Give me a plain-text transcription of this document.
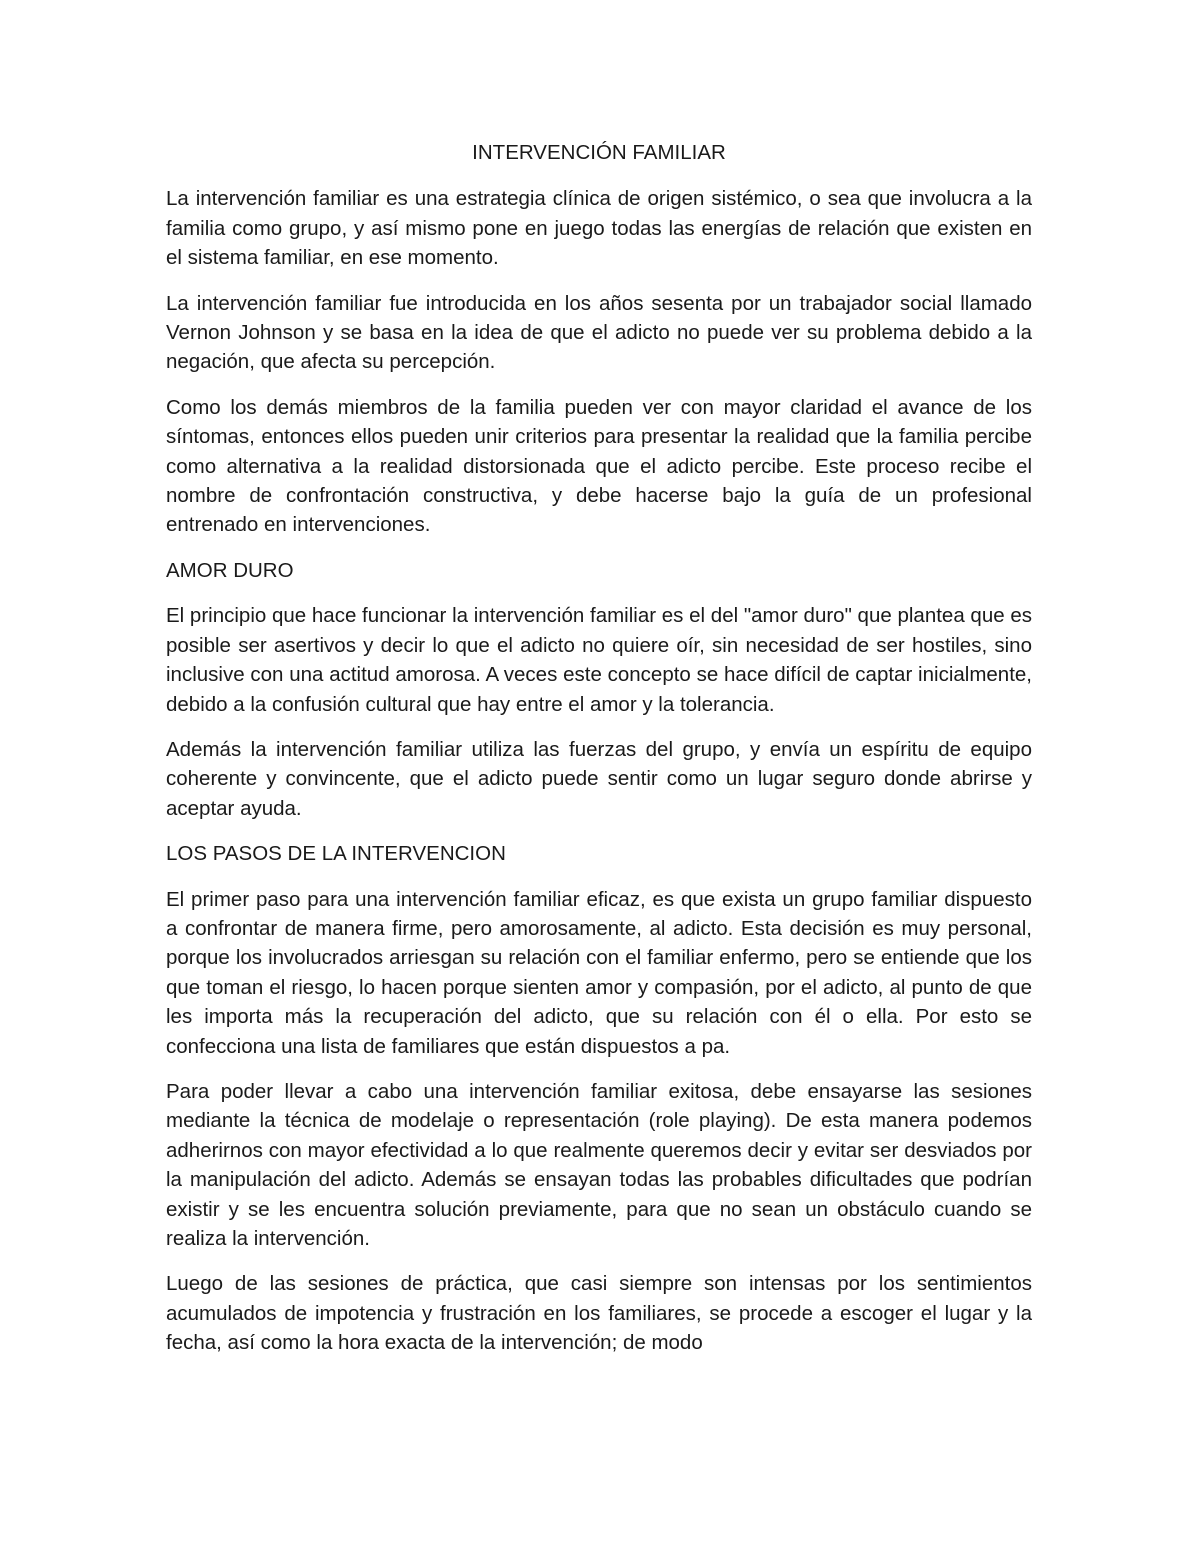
INTERVENCIÓN FAMILIAR

La intervención familiar es una estrategia clínica de origen sistémico, o sea que involucra a la familia como grupo, y así mismo pone en juego todas las energías de relación que existen en el sistema familiar, en ese momento.

La intervención familiar fue introducida en los años sesenta por un trabajador social llamado Vernon Johnson y se basa en la idea de que el adicto no puede ver su problema debido a la negación, que afecta su percepción.

Como los demás miembros de la familia pueden ver con mayor claridad el avance de los síntomas, entonces ellos pueden unir criterios para presentar la realidad que la familia percibe como alternativa a la realidad distorsionada que el adicto percibe. Este proceso recibe el nombre de confrontación constructiva, y debe hacerse bajo la guía de un profesional entrenado en intervenciones.

AMOR DURO

El principio que hace funcionar la intervención familiar es el del "amor duro" que plantea que es posible ser asertivos y decir lo que el adicto no quiere oír, sin necesidad de ser hostiles, sino inclusive con una actitud amorosa. A veces este concepto se hace difícil de captar inicialmente, debido a la confusión cultural que hay entre el amor y la tolerancia.

Además la intervención familiar utiliza las fuerzas del grupo, y envía un espíritu de equipo coherente y convincente, que el adicto puede sentir como un lugar seguro donde abrirse y aceptar ayuda.

LOS PASOS DE LA INTERVENCION

El primer paso para una intervención familiar eficaz, es que exista un grupo familiar dispuesto a confrontar de manera firme, pero amorosamente, al adicto. Esta decisión es muy personal, porque los involucrados arriesgan su relación con el familiar enfermo, pero se entiende que los que toman el riesgo, lo hacen porque sienten amor y compasión, por el adicto, al punto de que les importa más la recuperación del adicto, que su relación con él o ella. Por esto se confecciona una lista de familiares que están dispuestos a pa.

Para poder llevar a cabo una intervención familiar exitosa, debe ensayarse las sesiones mediante la técnica de modelaje o representación (role playing). De esta manera podemos adherirnos con mayor efectividad a lo que realmente queremos decir y evitar ser desviados por la manipulación del adicto. Además se ensayan todas las probables dificultades que podrían existir y se les encuentra solución previamente, para que no sean un obstáculo cuando se realiza la intervención.

Luego de las sesiones de práctica, que casi siempre son intensas por los sentimientos acumulados de impotencia y frustración en los familiares, se procede a escoger el lugar y la fecha, así como la hora exacta de la intervención; de modo
